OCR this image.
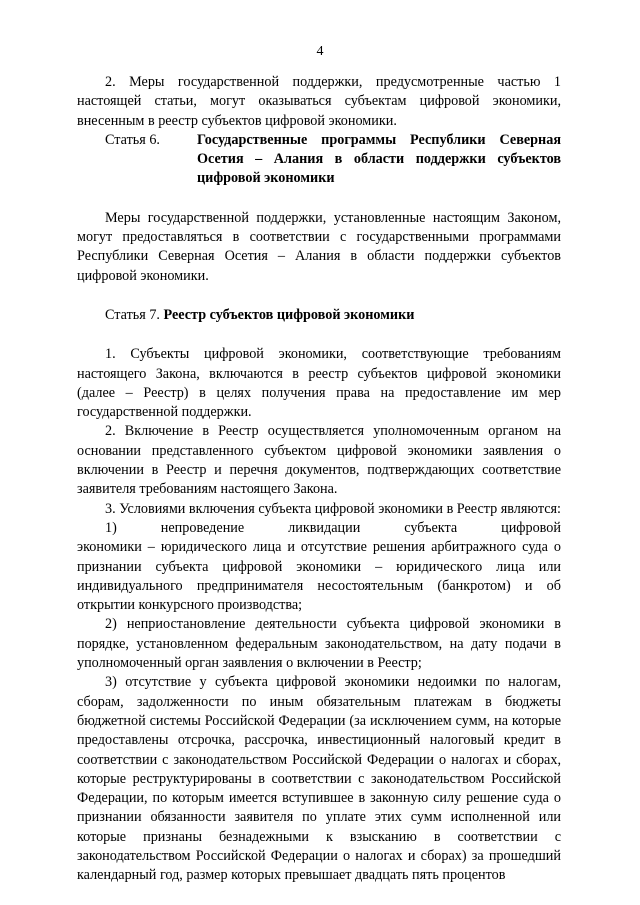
4

2. Меры государственной поддержки, предусмотренные частью 1 настоящей статьи, могут оказываться субъектам цифровой экономики, внесенным в реестр субъектов цифровой экономики.

Статья 6.	Государственные программы Республики Северная Осетия – Алания в области поддержки субъектов цифровой экономики

Меры государственной поддержки, установленные настоящим Законом, могут предоставляться в соответствии с государственными программами Республики Северная Осетия – Алания в области поддержки субъектов цифровой экономики.

Статья 7. Реестр субъектов цифровой экономики

1. Субъекты цифровой экономики, соответствующие требованиям настоящего Закона, включаются в реестр субъектов цифровой экономики (далее – Реестр) в целях получения права на предоставление им мер государственной поддержки.

2. Включение в Реестр осуществляется уполномоченным органом на основании представленного субъектом цифровой экономики заявления о включении в Реестр и перечня документов, подтверждающих соответствие заявителя требованиям настоящего Закона.

3. Условиями включения субъекта цифровой экономики в Реестр являются:

1)	непроведение	ликвидации	субъекта	цифровой

экономики – юридического лица и отсутствие решения арбитражного суда о признании субъекта цифровой экономики – юридического лица или индивидуального предпринимателя несостоятельным (банкротом) и об открытии конкурсного производства;

2) неприостановление деятельности субъекта цифровой экономики в порядке, установленном федеральным законодательством, на дату подачи в уполномоченный орган заявления о включении в Реестр;

3) отсутствие у субъекта цифровой экономики недоимки по налогам, сборам, задолженности по иным обязательным платежам в бюджеты бюджетной системы Российской Федерации (за исключением сумм, на которые предоставлены отсрочка, рассрочка, инвестиционный налоговый кредит в соответствии с законодательством Российской Федерации о налогах и сборах, которые реструктурированы в соответствии с законодательством Российской Федерации, по которым имеется вступившее в законную силу решение суда о признании обязанности заявителя по уплате этих сумм исполненной или которые признаны безнадежными к взысканию в соответствии с законодательством Российской Федерации о налогах и сборах) за прошедший календарный год, размер которых превышает двадцать пять процентов
